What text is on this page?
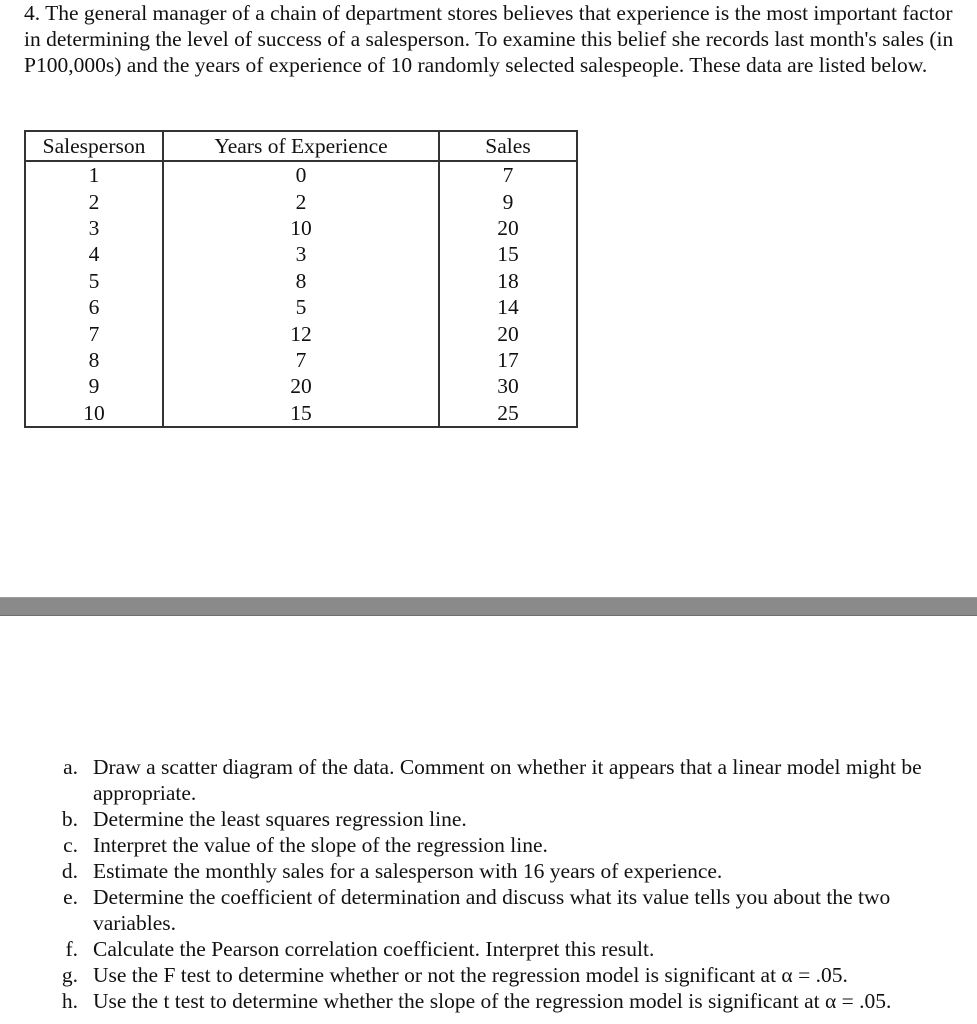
4. The general manager of a chain of department stores believes that experience is the most important factor in determining the level of success of a salesperson. To examine this belief she records last month's sales (in P100,000s) and the years of experience of 10 randomly selected salespeople. These data are listed below.

Salesperson	Years of Experience	Sales
1	0	7
2	2	9
3	10	20
4	3	15
5	8	18
6	5	14
7	12	20
8	7	17
9	20	30
10	15	25
a. Draw a scatter diagram of the data. Comment on whether it appears that a linear model might be appropriate.
b. Determine the least squares regression line.
c. Interpret the value of the slope of the regression line.
d. Estimate the monthly sales for a salesperson with 16 years of experience.
e. Determine the coefficient of determination and discuss what its value tells you about the two variables.
f. Calculate the Pearson correlation coefficient. Interpret this result.
g. Use the F test to determine whether or not the regression model is significant at α = .05.
h. Use the t test to determine whether the slope of the regression model is significant at α = .05.
